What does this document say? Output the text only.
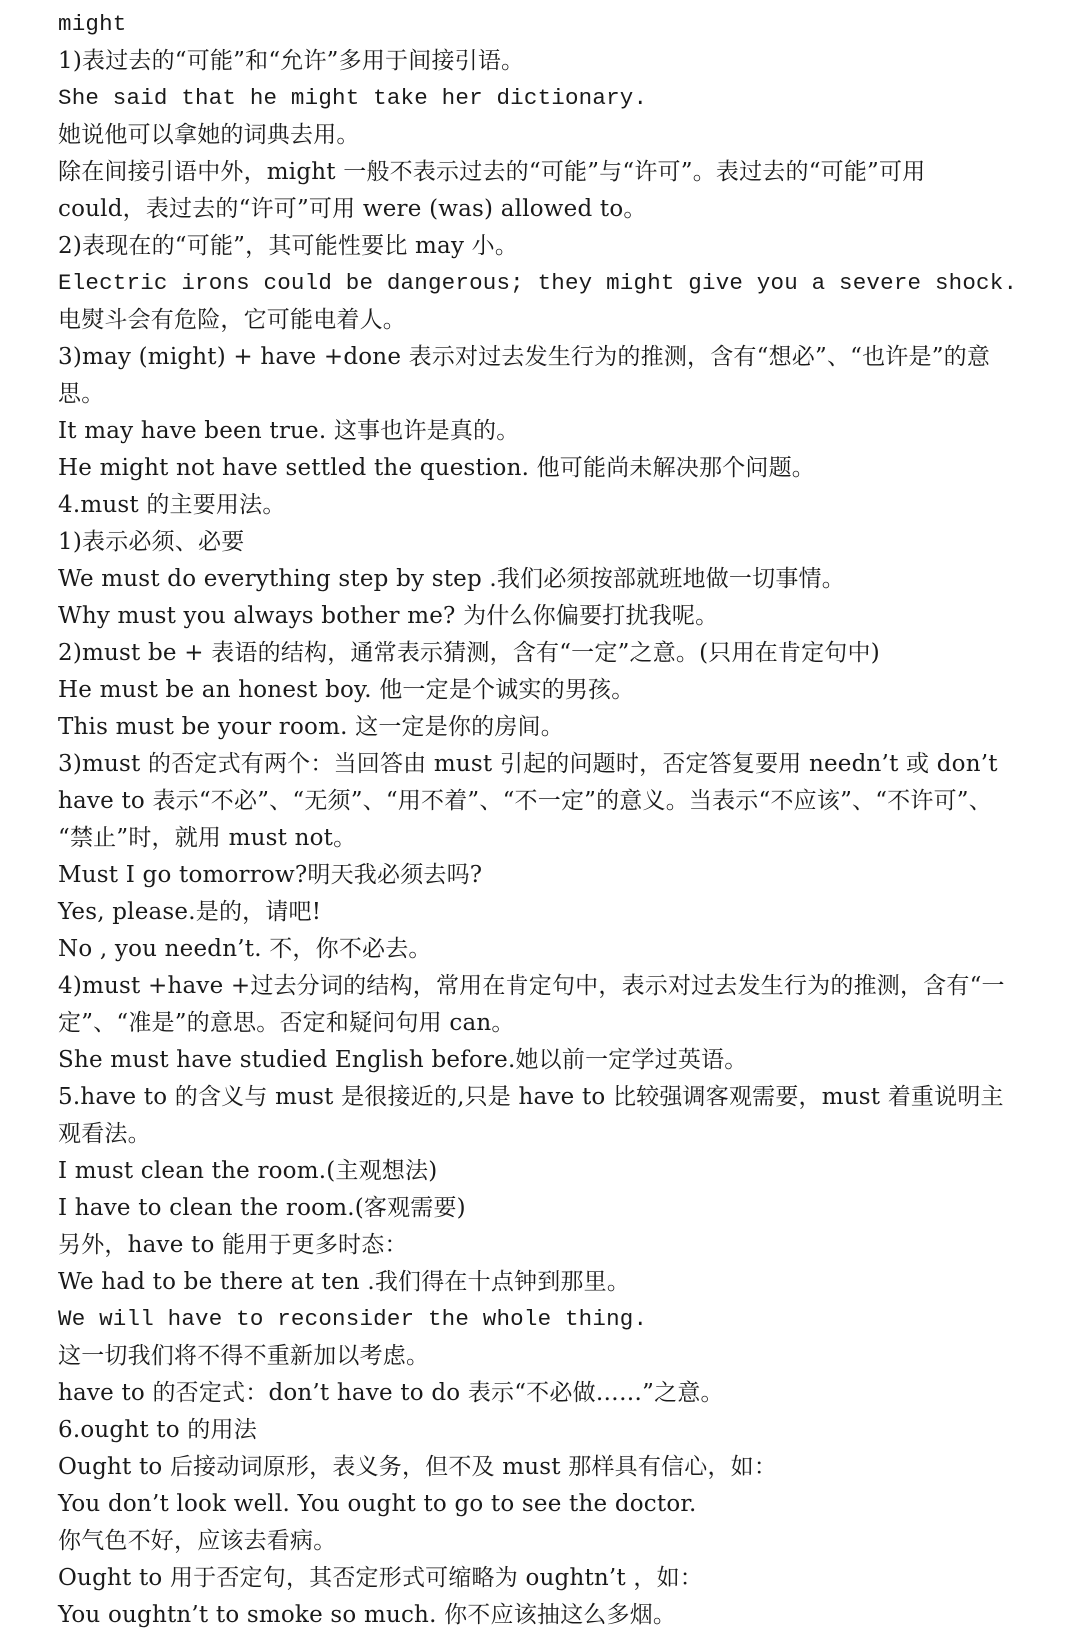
might
1)表过去的“可能”和“允许”多用于间接引语。
She said that he might take her dictionary.
她说他可以拿她的词典去用。
除在间接引语中外，might 一般不表示过去的“可能”与“许可”。表过去的“可能”可用
could，表过去的“许可”可用 were (was) allowed to。
2)表现在的“可能”，其可能性要比 may 小。
Electric irons could be dangerous; they might give you a severe shock.
电熨斗会有危险，它可能电着人。
3)may (might) + have +done 表示对过去发生行为的推测，含有“想必”、“也许是”的意
思。
It may have been true. 这事也许是真的。
He might not have settled the question. 他可能尚未解决那个问题。
4.must 的主要用法。
1)表示必须、必要
We must do everything step by step .我们必须按部就班地做一切事情。
Why must you always bother me? 为什么你偏要打扰我呢。
2)must be + 表语的结构，通常表示猜测，含有“一定”之意。(只用在肯定句中)
He must be an honest boy. 他一定是个诚实的男孩。
This must be your room. 这一定是你的房间。
3)must 的否定式有两个：当回答由 must 引起的问题时，否定答复要用 needn’t 或 don’t
have to 表示“不必”、“无须”、“用不着”、“不一定”的意义。当表示“不应该”、“不许可”、
“禁止”时，就用 must not。
Must I go tomorrow?明天我必须去吗?
Yes, please.是的，请吧!
No , you needn’t. 不，你不必去。
4)must +have +过去分词的结构，常用在肯定句中，表示对过去发生行为的推测，含有“一
定”、“准是”的意思。否定和疑问句用 can。
She must have studied English before.她以前一定学过英语。
5.have to 的含义与 must 是很接近的,只是 have to 比较强调客观需要，must 着重说明主
观看法。
I must clean the room.(主观想法)
I have to clean the room.(客观需要)
另外，have to 能用于更多时态：
We had to be there at ten .我们得在十点钟到那里。
We will have to reconsider the whole thing.
这一切我们将不得不重新加以考虑。
have to 的否定式：don’t have to do 表示“不必做……”之意。
6.ought to 的用法
Ought to 后接动词原形，表义务，但不及 must 那样具有信心，如：
You don’t look well. You ought to go to see the doctor.
你气色不好，应该去看病。
Ought to 用于否定句，其否定形式可缩略为 oughtn’t ，如：
You oughtn’t to smoke so much. 你不应该抽这么多烟。
